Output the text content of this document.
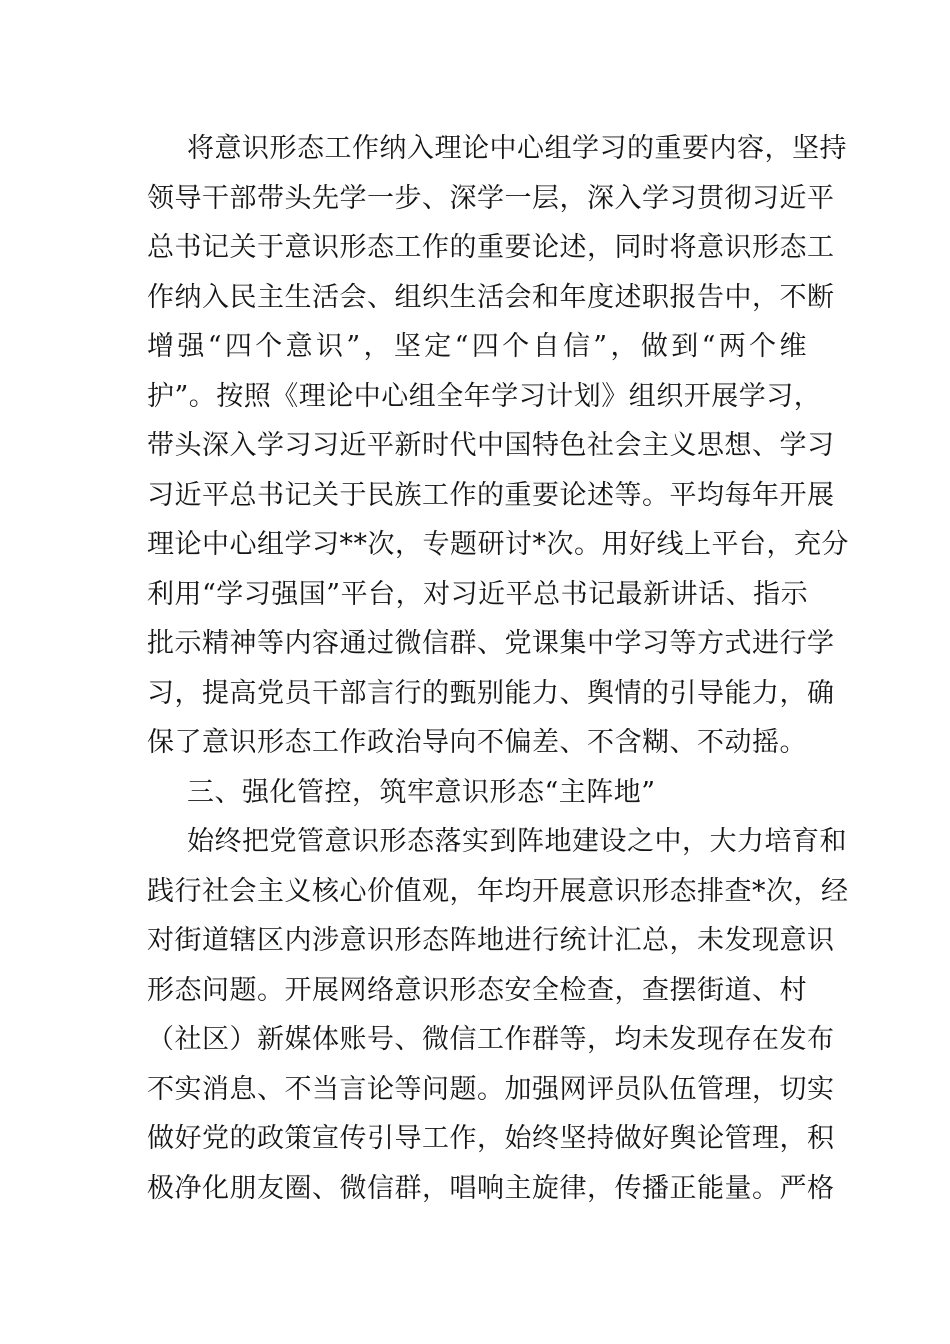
将意识形态工作纳入理论中心组学习的重要内容，坚持
领导干部带头先学一步、深学一层，深入学习贯彻习近平
总书记关于意识形态工作的重要论述，同时将意识形态工
作纳入民主生活会、组织生活会和年度述职报告中，不断
增强“四个意识”，坚定“四个自信”，做到“两个维
护”。按照《理论中心组全年学习计划》组织开展学习，
带头深入学习习近平新时代中国特色社会主义思想、学习
习近平总书记关于民族工作的重要论述等。平均每年开展
理论中心组学习**次，专题研讨*次。用好线上平台，充分
利用“学习强国”平台，对习近平总书记最新讲话、指示
批示精神等内容通过微信群、党课集中学习等方式进行学
习，提高党员干部言行的甄别能力、舆情的引导能力，确
保了意识形态工作政治导向不偏差、不含糊、不动摇。
三、强化管控，筑牢意识形态“主阵地”
始终把党管意识形态落实到阵地建设之中，大力培育和
践行社会主义核心价值观，年均开展意识形态排查*次，经
对街道辖区内涉意识形态阵地进行统计汇总，未发现意识
形态问题。开展网络意识形态安全检查，查摆街道、村
（社区）新媒体账号、微信工作群等，均未发现存在发布
不实消息、不当言论等问题。加强网评员队伍管理，切实
做好党的政策宣传引导工作，始终坚持做好舆论管理，积
极净化朋友圈、微信群，唱响主旋律，传播正能量。严格
